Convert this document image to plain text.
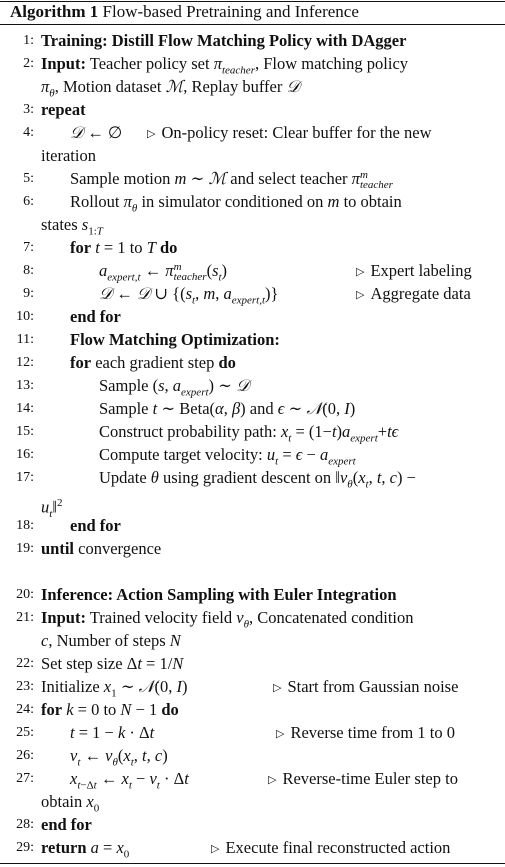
Algorithm 1 Flow-based Pretraining and Inference
1: Training: Distill Flow Matching Policy with DAgger
2: Input: Teacher policy set $\pi_{teacher}$, Flow matching policy
$\pi_\theta$, Motion dataset ℳ, Replay buffer 𝒟
3: repeat
4: 𝒟 ← ∅ ▷ On-policy reset: Clear buffer for the new
iteration
5: Sample motion m ∼ ℳ and select teacher πm
teacher
6: Rollout $\pi_\theta$ in simulator conditioned on m to obtain
states $s_{1:T}$
7: for t = 1 to T do
8:	$a_{expert,t}$ ← πm
$teacher(s_t)$	▷ Expert labeling
9:	𝒟 ← 𝒟 ∪ {($s_t$, m, $a_{expert,t}$)}	▷ Aggregate data
10: end for
11: Flow Matching Optimization:
12: for each gradient step do
13:	Sample (s, $a_{expert}$) ∼ 𝒟
14:	Sample t ∼ Beta(α, β) and ϵ ∼ 𝒩(0, I)
15:	Construct probability path: $x_t = (1-t)a_{expert}+t\epsilon$
16:	Compute target velocity: $u_t = \epsilon - a_{expert}$
17:	Update θ using gradient descent on $‖v_\theta(x_t$, t, c) −
$u_t‖^2$
18: end for
19: until convergence
20: Inference: Action Sampling with Euler Integration
21: Input: Trained velocity field $v_\theta$, Concatenated condition
c, Number of steps N
22: Set step size Δt = 1/N
23: Initialize $x_1$ ∼ 𝒩(0, I)	▷ Start from Gaussian noise
24: for k = 0 to N − 1 do
25: t = 1 − k · Δt	▷ Reverse time from 1 to 0
26: $v_t$ ← $v_\theta(x_t$, t, c)
27: $x_{t-\Delta t}$ ← $x_t - v_t \cdot \Delta t$	▷ Reverse-time Euler step to
obtain $x_0$
28: end for
29: return $a = x_0$	▷ Execute final reconstructed action
